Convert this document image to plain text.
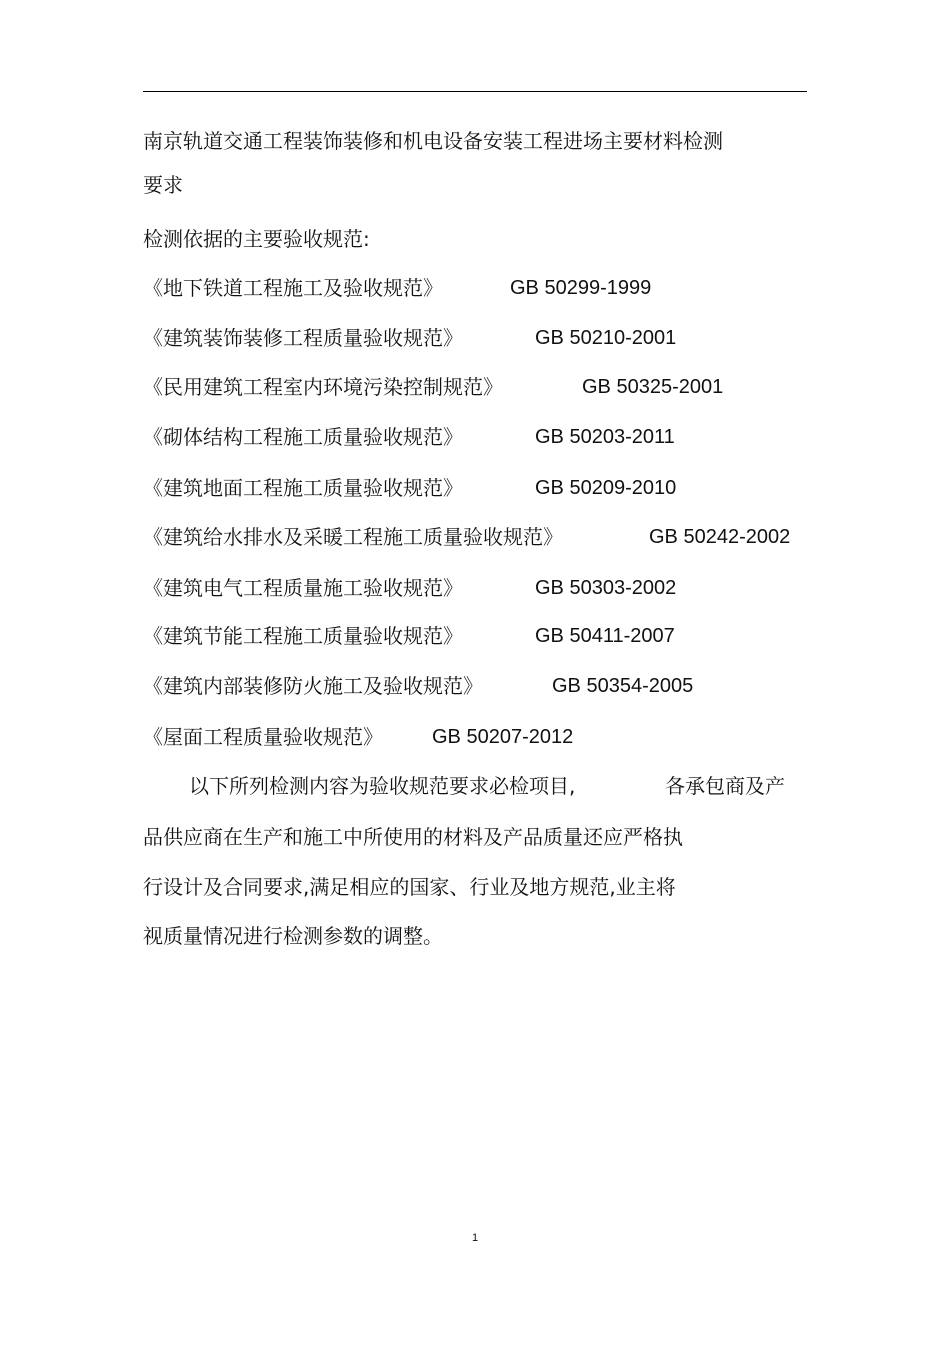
南京轨道交通工程装饰装修和机电设备安装工程进场主要材料检测
要求
检测依据的主要验收规范:
《地下铁道工程施工及验收规范》	GB 50299-1999
《建筑装饰装修工程质量验收规范》	GB 50210-2001
《民用建筑工程室内环境污染控制规范》	GB 50325-2001
《砌体结构工程施工质量验收规范》	GB 50203-2011
《建筑地面工程施工质量验收规范》	GB 50209-2010
《建筑给水排水及采暖工程施工质量验收规范》	GB 50242-2002
《建筑电气工程质量施工验收规范》	GB 50303-2002
《建筑节能工程施工质量验收规范》	GB 50411-2007
《建筑内部装修防火施工及验收规范》	GB 50354-2005
《屋面工程质量验收规范》 GB 50207-2012
以下所列检测内容为验收规范要求必检项目,	各承包商及产
品供应商在生产和施工中所使用的材料及产品质量还应严格执
行设计及合同要求,满足相应的国家、行业及地方规范,业主将
视质量情况进行检测参数的调整。
1
